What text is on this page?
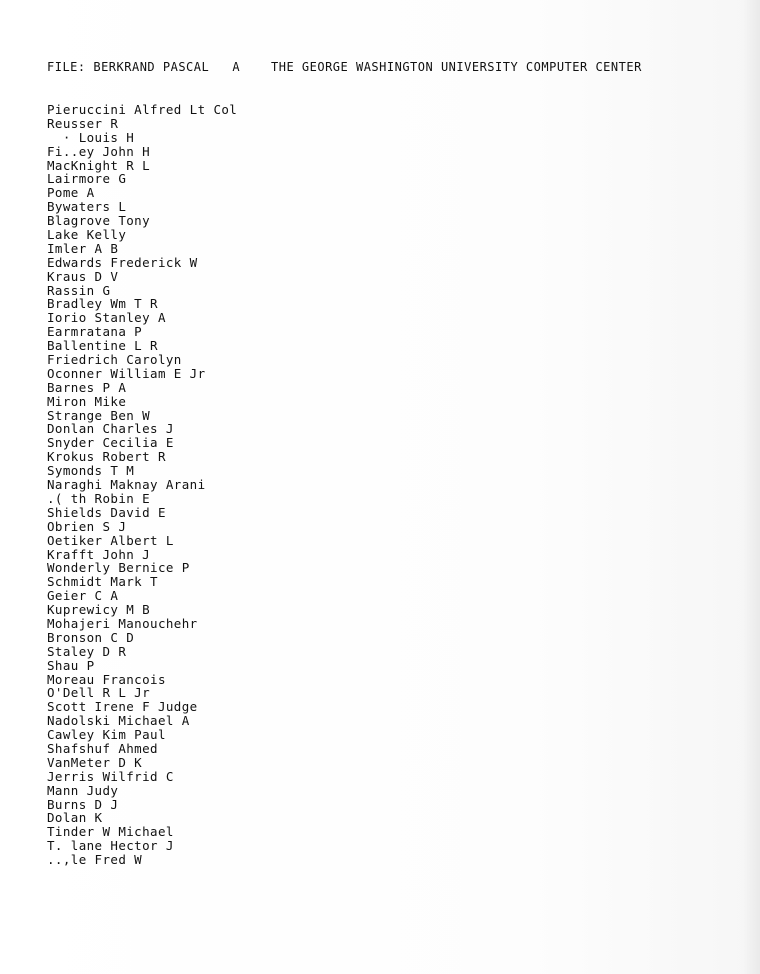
FILE: BERKRAND PASCAL   A    THE GEORGE WASHINGTON UNIVERSITY COMPUTER CENTER
Pieruccini Alfred Lt Col
Reusser R
· Louis H
Fi..ey John H
MacKnight R L
Lairmore G
Pome A
Bywaters L
Blagrove Tony
Lake Kelly
Imler A B
Edwards Frederick W
Kraus D V
Rassin G
Bradley Wm T R
Iorio Stanley A
Earmratana P
Ballentine L R
Friedrich Carolyn
Oconner William E Jr
Barnes P A
Miron Mike
Strange Ben W
Donlan Charles J
Snyder Cecilia E
Krokus Robert R
Symonds T M
Naraghi Maknay Arani
.( th Robin E
Shields David E
Obrien S J
Oetiker Albert L
Krafft John J
Wonderly Bernice P
Schmidt Mark T
Geier C A
Kuprewicy M B
Mohajeri Manouchehr
Bronson C D
Staley D R
Shau P
Moreau Francois
O'Dell R L Jr
Scott Irene F Judge
Nadolski Michael A
Cawley Kim Paul
Shafshuf Ahmed
VanMeter D K
Jerris Wilfrid C
Mann Judy
Burns D J
Dolan K
Tinder W Michael
T. lane Hector J
..,le Fred W
